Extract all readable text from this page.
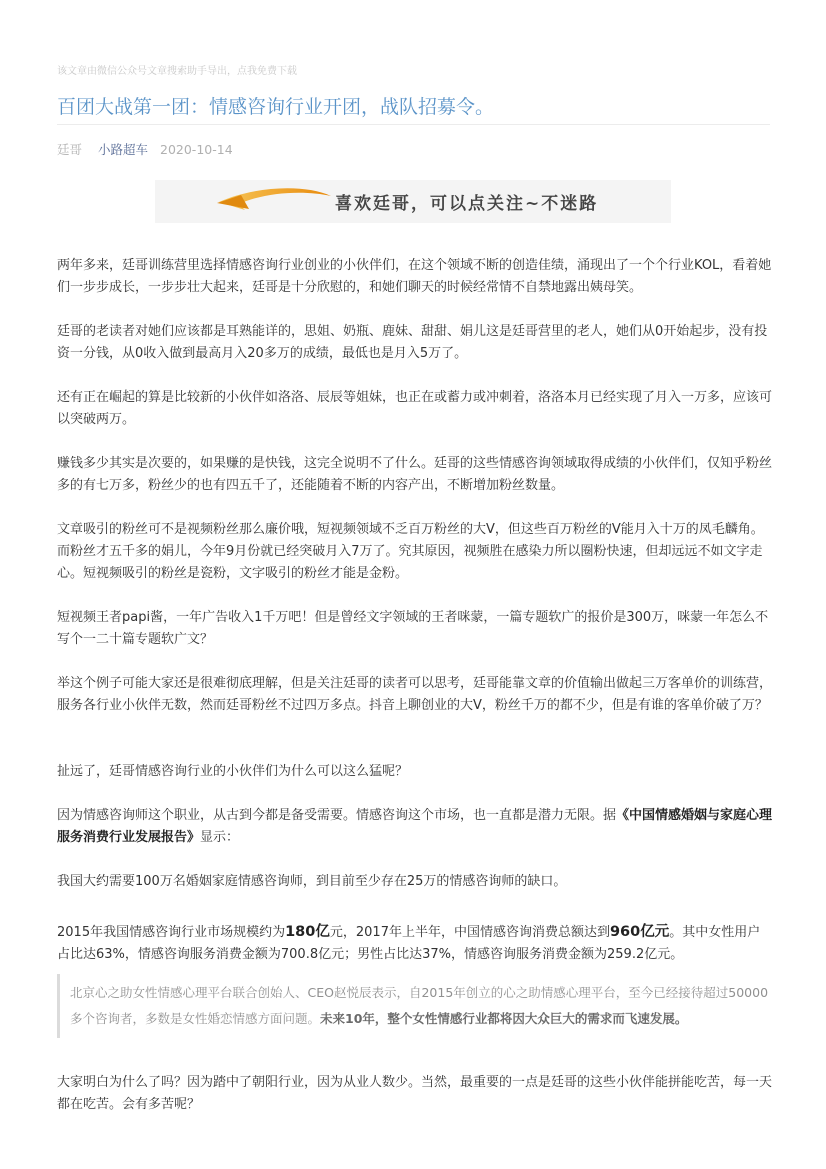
该文章由微信公众号文章搜索助手导出，点我免费下载
百团大战第一团：情感咨询行业开团，战队招募令。
廷哥 小路超车 2020-10-14
喜欢廷哥，可以点关注~不迷路

两年多来，廷哥训练营里选择情感咨询行业创业的小伙伴们，在这个领域不断的创造佳绩，涌现出了一个个行业KOL，看着她们一步步成长，一步步壮大起来，廷哥是十分欣慰的，和她们聊天的时候经常情不自禁地露出姨母笑。

廷哥的老读者对她们应该都是耳熟能详的，思姐、奶瓶、鹿妹、甜甜、娟儿这是廷哥营里的老人，她们从0开始起步，没有投资一分钱，从0收入做到最高月入20多万的成绩，最低也是月入5万了。

还有正在崛起的算是比较新的小伙伴如洛洛、辰辰等姐妹，也正在或蓄力或冲刺着，洛洛本月已经实现了月入一万多，应该可以突破两万。

赚钱多少其实是次要的，如果赚的是快钱，这完全说明不了什么。廷哥的这些情感咨询领域取得成绩的小伙伴们，仅知乎粉丝多的有七万多，粉丝少的也有四五千了，还能随着不断的内容产出，不断增加粉丝数量。

文章吸引的粉丝可不是视频粉丝那么廉价哦，短视频领域不乏百万粉丝的大V，但这些百万粉丝的V能月入十万的凤毛麟角。而粉丝才五千多的娟儿，今年9月份就已经突破月入7万了。究其原因，视频胜在感染力所以圈粉快速，但却远远不如文字走心。短视频吸引的粉丝是瓷粉，文字吸引的粉丝才能是金粉。

短视频王者papi酱，一年广告收入1千万吧！但是曾经文字领域的王者咪蒙，一篇专题软广的报价是300万，咪蒙一年怎么不写个一二十篇专题软广文？

举这个例子可能大家还是很难彻底理解，但是关注廷哥的读者可以思考，廷哥能靠文章的价值输出做起三万客单价的训练营，服务各行业小伙伴无数，然而廷哥粉丝不过四万多点。抖音上聊创业的大V，粉丝千万的都不少，但是有谁的客单价破了万？

扯远了，廷哥情感咨询行业的小伙伴们为什么可以这么猛呢？

因为情感咨询师这个职业，从古到今都是备受需要。情感咨询这个市场，也一直都是潜力无限。据《中国情感婚姻与家庭心理服务消费行业发展报告》显示：

我国大约需要100万名婚姻家庭情感咨询师，到目前至少存在25万的情感咨询师的缺口。

2015年我国情感咨询行业市场规模约为180亿元，2017年上半年，中国情感咨询消费总额达到960亿元。其中女性用户占比达63%，情感咨询服务消费金额为700.8亿元；男性占比达37%，情感咨询服务消费金额为259.2亿元。

北京心之助女性情感心理平台联合创始人、CEO赵悦辰表示，自2015年创立的心之助情感心理平台，至今已经接待超过50000多个咨询者，多数是女性婚恋情感方面问题。未来10年，整个女性情感行业都将因大众巨大的需求而飞速发展。

大家明白为什么了吗？因为踏中了朝阳行业，因为从业人数少。当然，最重要的一点是廷哥的这些小伙伴能拼能吃苦，每一天都在吃苦。会有多苦呢？
